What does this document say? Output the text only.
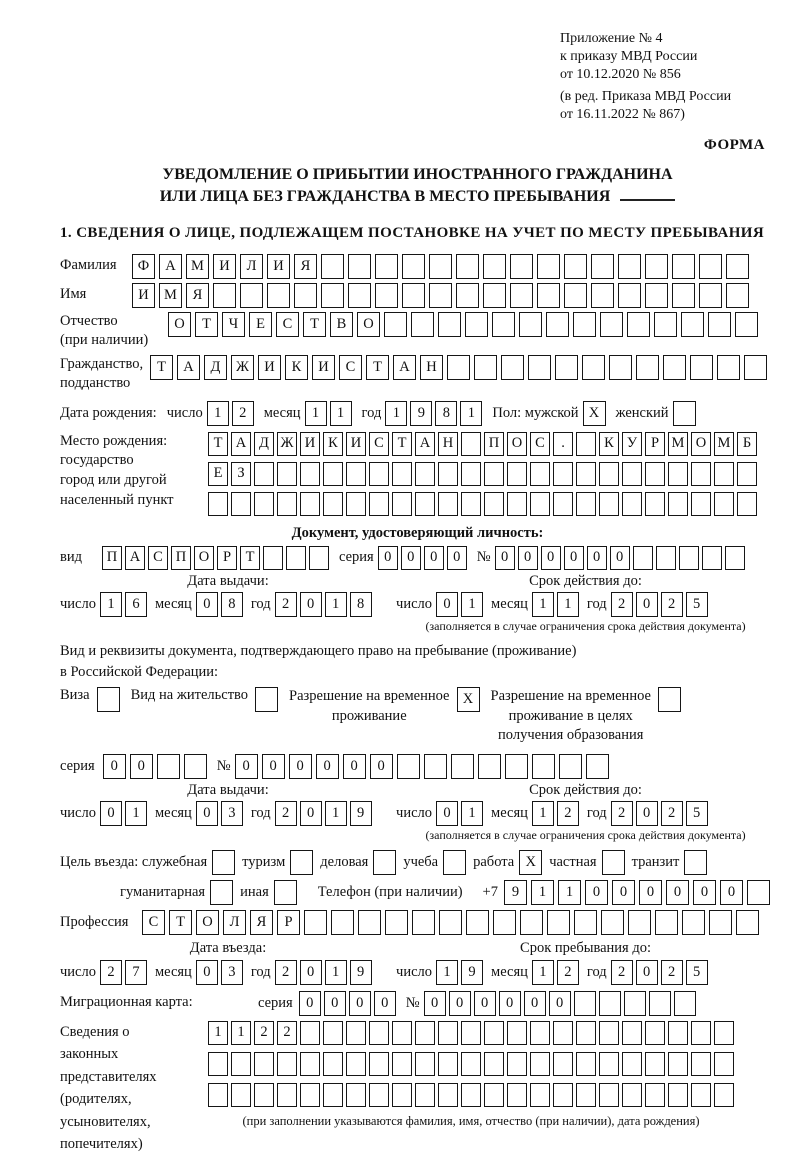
Приложение № 4
к приказу МВД России
от 10.12.2020 № 856
(в ред. Приказа МВД России
от 16.11.2022 № 867)
ФОРМА
УВЕДОМЛЕНИЕ О ПРИБЫТИИ ИНОСТРАННОГО ГРАЖДАНИНА
ИЛИ ЛИЦА БЕЗ ГРАЖДАНСТВА В МЕСТО ПРЕБЫВАНИЯ
1. СВЕДЕНИЯ О ЛИЦЕ, ПОДЛЕЖАЩЕМ ПОСТАНОВКЕ НА УЧЕТ ПО МЕСТУ ПРЕБЫВАНИЯ
Фамилия	Ф	А	М	И	Л	И	Я
Имя	И	М	Я
Отчество
(при наличии)
О	Т	Ч	Е	С	Т	В	О
Гражданство,
подданство
Т	А	Д	Ж	И	К	И	С	Т	А	Н
Дата рождения: число 1	2	месяц 1	1	год 1	9	8	1	Пол: мужской X	женский
Место рождения:
государство
город или другой
населенный пункт
Т А Д Ж И К И С Т А Н	П О С	.	К У Р М О М Б
Е	З
Документ, удостоверяющий личность:
вид	П А С П О Р	Т	серия 0	0	0	0	№ 0	0	0	0	0	0
Дата выдачи:
число 1	6	месяц 0	8	год 2	0	1	8
Срок действия до:
число 0	1	месяц 1	1	год 2	0	2	5
(заполняется в случае ограничения срока действия документа)
Вид и реквизиты документа, подтверждающего право на пребывание (проживание)
в Российской Федерации:
Виза	Вид на жительство	Разрешение на временное
проживание
X	Разрешение на временное
проживание в целях
получения образования
серия	0	0	№ 0	0	0	0	0	0
Дата выдачи:
число 0	1	месяц 0	3	год 2	0	1	9
Срок действия до:
число 0	1	месяц 1	2	год 2	0	2	5
(заполняется в случае ограничения срока действия документа)
Цель въезда: служебная туризм деловая учеба работа X частная транзит
гуманитарная иная	Телефон (при наличии) +7 9	1	1	0	0	0	0	0	0
Профессия	С	Т	О	Л	Я	Р
Дата въезда:
число 2	7	месяц 0	3	год 2	0	1	9
Срок пребывания до:
число 1	9	месяц 1	2	год 2	0	2	5
Миграционная карта:	серия 0	0	0	0	№ 0	0	0	0	0	0
Сведения о
законных
представителях
(родителях,
усыновителях,
попечителях)
1	1	2	2
(при заполнении указываются фамилия, имя, отчество (при наличии), дата рождения)
